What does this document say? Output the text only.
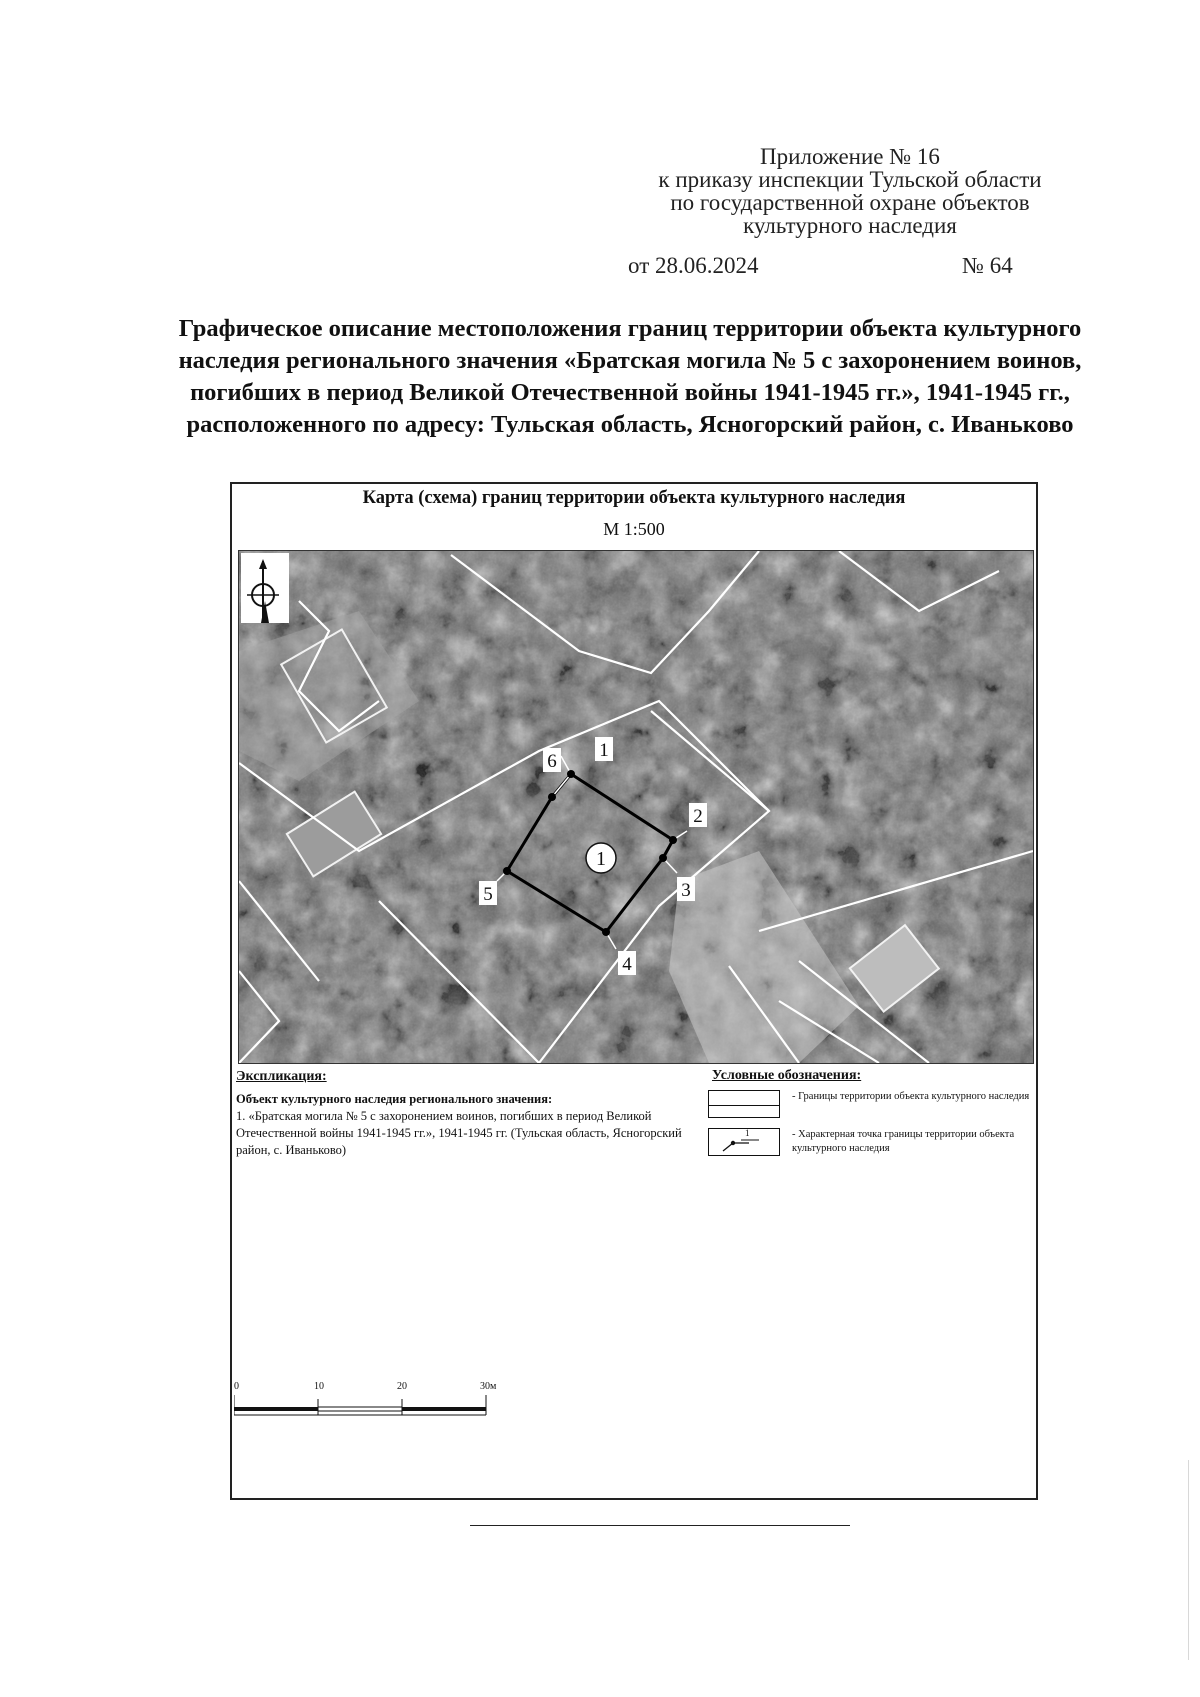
Приложение № 16
к приказу инспекции Тульской области
по государственной охране объектов
культурного наследия
от 28.06.2024	№ 64
Графическое описание местоположения границ территории объекта культурного наследия регионального значения «Братская могила № 5 с захоронением воинов, погибших в период Великой Отечественной войны 1941-1945 гг.», 1941-1945 гг., расположенного по адресу: Тульская область, Ясногорский район, с. Иваньково
Карта (схема) границ территории объекта культурного наследия
М 1:500
1
6
1
2
3
4
5
Экспликация:
Объект культурного наследия регионального значения:
1. «Братская могила № 5 с захоронением воинов, погибших в период Великой Отечественной войны 1941-1945 гг.», 1941-1945 гг. (Тульская область, Ясногорский район, с. Иваньково)
Условные обозначения:
- Границы территории объекта культурного наследия
1	- Характерная точка границы территории объекта культурного наследия
0	10	20	30м
